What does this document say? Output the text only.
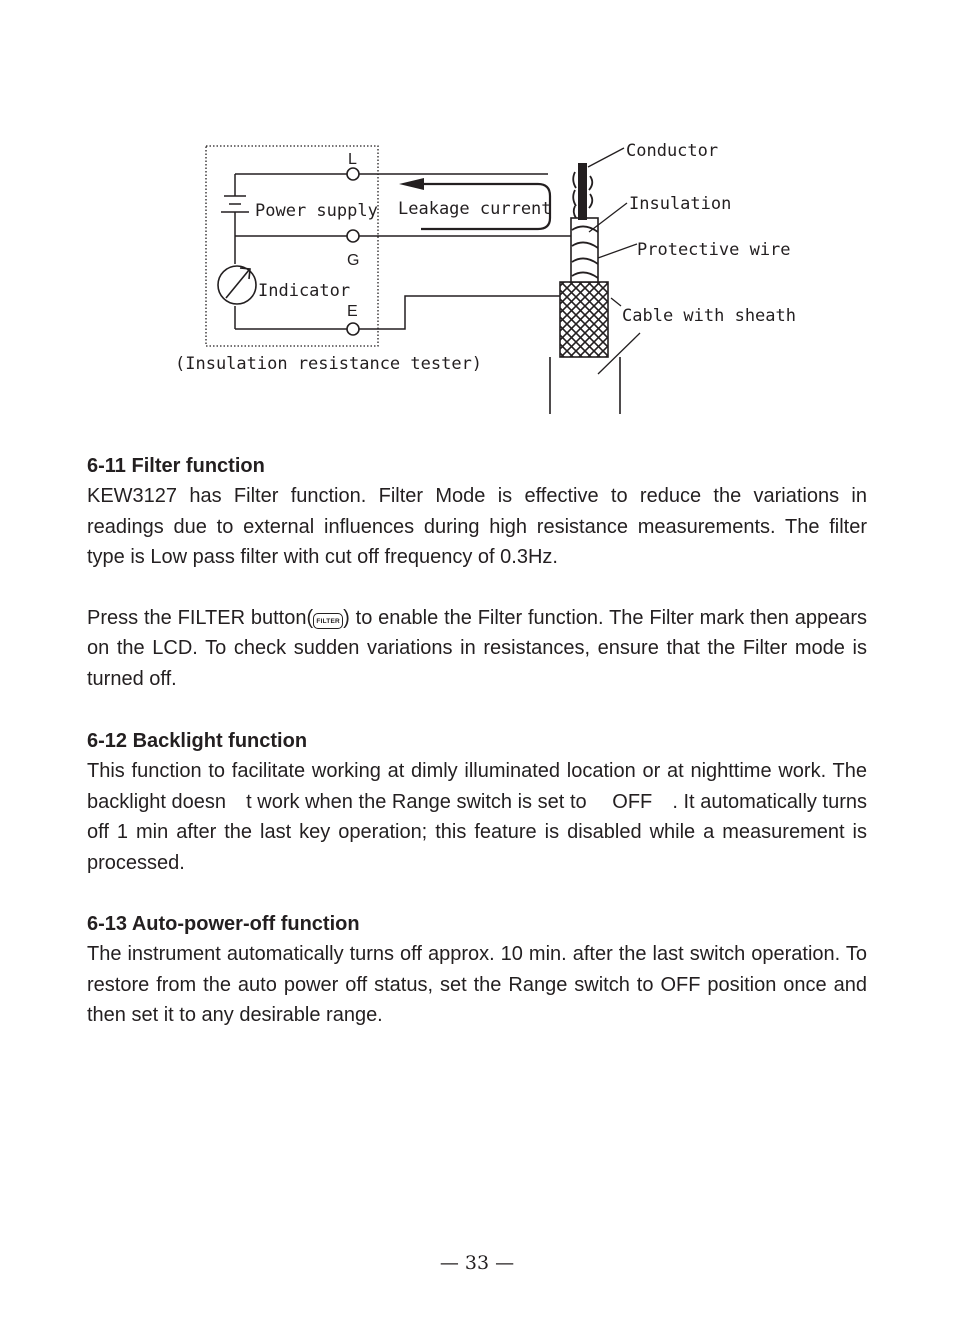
L
G
E
Power supply Leakage current
Indicator
(Insulation resistance tester)
Conductor
Insulation
Protective wire
Cable with sheath
6-11 Filter function

KEW3127 has Filter function. Filter Mode is effective to reduce the variations in readings due to external influences during high resistance measurements. The filter type is Low pass filter with cut off frequency of 0.3Hz.

Press the FILTER button( FILTER ) to enable the Filter function. The Filter mark then appears on the LCD. To check sudden variations in resistances, ensure that the Filter mode is turned off.

6-12 Backlight function

This function to facilitate working at dimly illuminated location or at nighttime work. The backlight doesn　t work when the Range switch is set to 　OFF　. It automatically turns off 1 min after the last key operation; this feature is disabled while a measurement is processed.

6-13 Auto-power-off function

The instrument automatically turns off approx. 10 min. after the last switch operation. To restore from the auto power off status, set the Range switch to OFF position once and then set it to any desirable range.

— 33 —
